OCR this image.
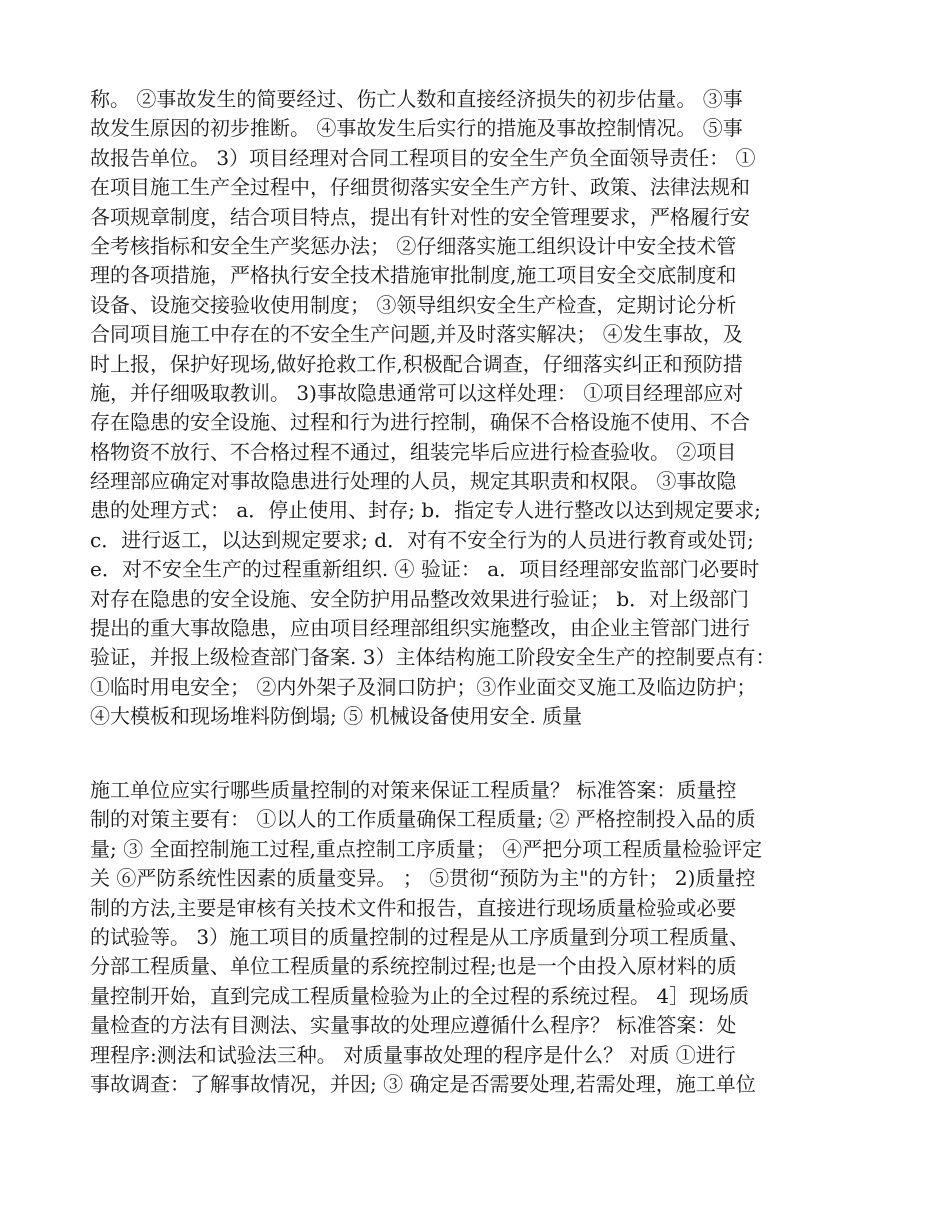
称。 ②事故发生的简要经过、伤亡人数和直接经济损失的初步估量。 ③事
故发生原因的初步推断。 ④事故发生后实行的措施及事故控制情况。 ⑤事
故报告单位。 3）项目经理对合同工程项目的安全生产负全面领导责任： ①
在项目施工生产全过程中，仔细贯彻落实安全生产方针、政策、法律法规和
各项规章制度，结合项目特点，提出有针对性的安全管理要求，严格履行安
全考核指标和安全生产奖惩办法； ②仔细落实施工组织设计中安全技术管
理的各项措施，严格执行安全技术措施审批制度,施工项目安全交底制度和
设备、设施交接验收使用制度； ③领导组织安全生产检查，定期讨论分析
合同项目施工中存在的不安全生产问题,并及时落实解决； ④发生事故，及
时上报，保护好现场,做好抢救工作,积极配合调查，仔细落实纠正和预防措
施，并仔细吸取教训。 3)事故隐患通常可以这样处理： ①项目经理部应对
存在隐患的安全设施、过程和行为进行控制，确保不合格设施不使用、不合
格物资不放行、不合格过程不通过，组装完毕后应进行检查验收。 ②项目
经理部应确定对事故隐患进行处理的人员，规定其职责和权限。 ③事故隐
患的处理方式： a．停止使用、封存; b．指定专人进行整改以达到规定要求;
c．进行返工，以达到规定要求; d．对有不安全行为的人员进行教育或处罚;
e．对不安全生产的过程重新组织. ④ 验证： a．项目经理部安监部门必要时
对存在隐患的安全设施、安全防护用品整改效果进行验证； b．对上级部门
提出的重大事故隐患，应由项目经理部组织实施整改，由企业主管部门进行
验证，并报上级检查部门备案. 3）主体结构施工阶段安全生产的控制要点有：
①临时用电安全； ②内外架子及洞口防护；③作业面交叉施工及临边防护；
④大模板和现场堆料防倒塌; ⑤ 机械设备使用安全. 质量
施工单位应实行哪些质量控制的对策来保证工程质量？ 标准答案：质量控
制的对策主要有： ①以人的工作质量确保工程质量; ② 严格控制投入品的质
量; ③ 全面控制施工过程,重点控制工序质量； ④严把分项工程质量检验评定
关 ⑥严防系统性因素的质量变异。 ； ⑤贯彻“预防为主"的方针； 2)质量控
制的方法,主要是审核有关技术文件和报告，直接进行现场质量检验或必要
的试验等。 3）施工项目的质量控制的过程是从工序质量到分项工程质量、
分部工程质量、单位工程质量的系统控制过程;也是一个由投入原材料的质
量控制开始，直到完成工程质量检验为止的全过程的系统过程。 4］现场质
量检查的方法有目测法、实量事故的处理应遵循什么程序？ 标准答案：处
理程序:测法和试验法三种。 对质量事故处理的程序是什么？ 对质 ①进行
事故调查：了解事故情况，并因; ③ 确定是否需要处理,若需处理，施工单位
